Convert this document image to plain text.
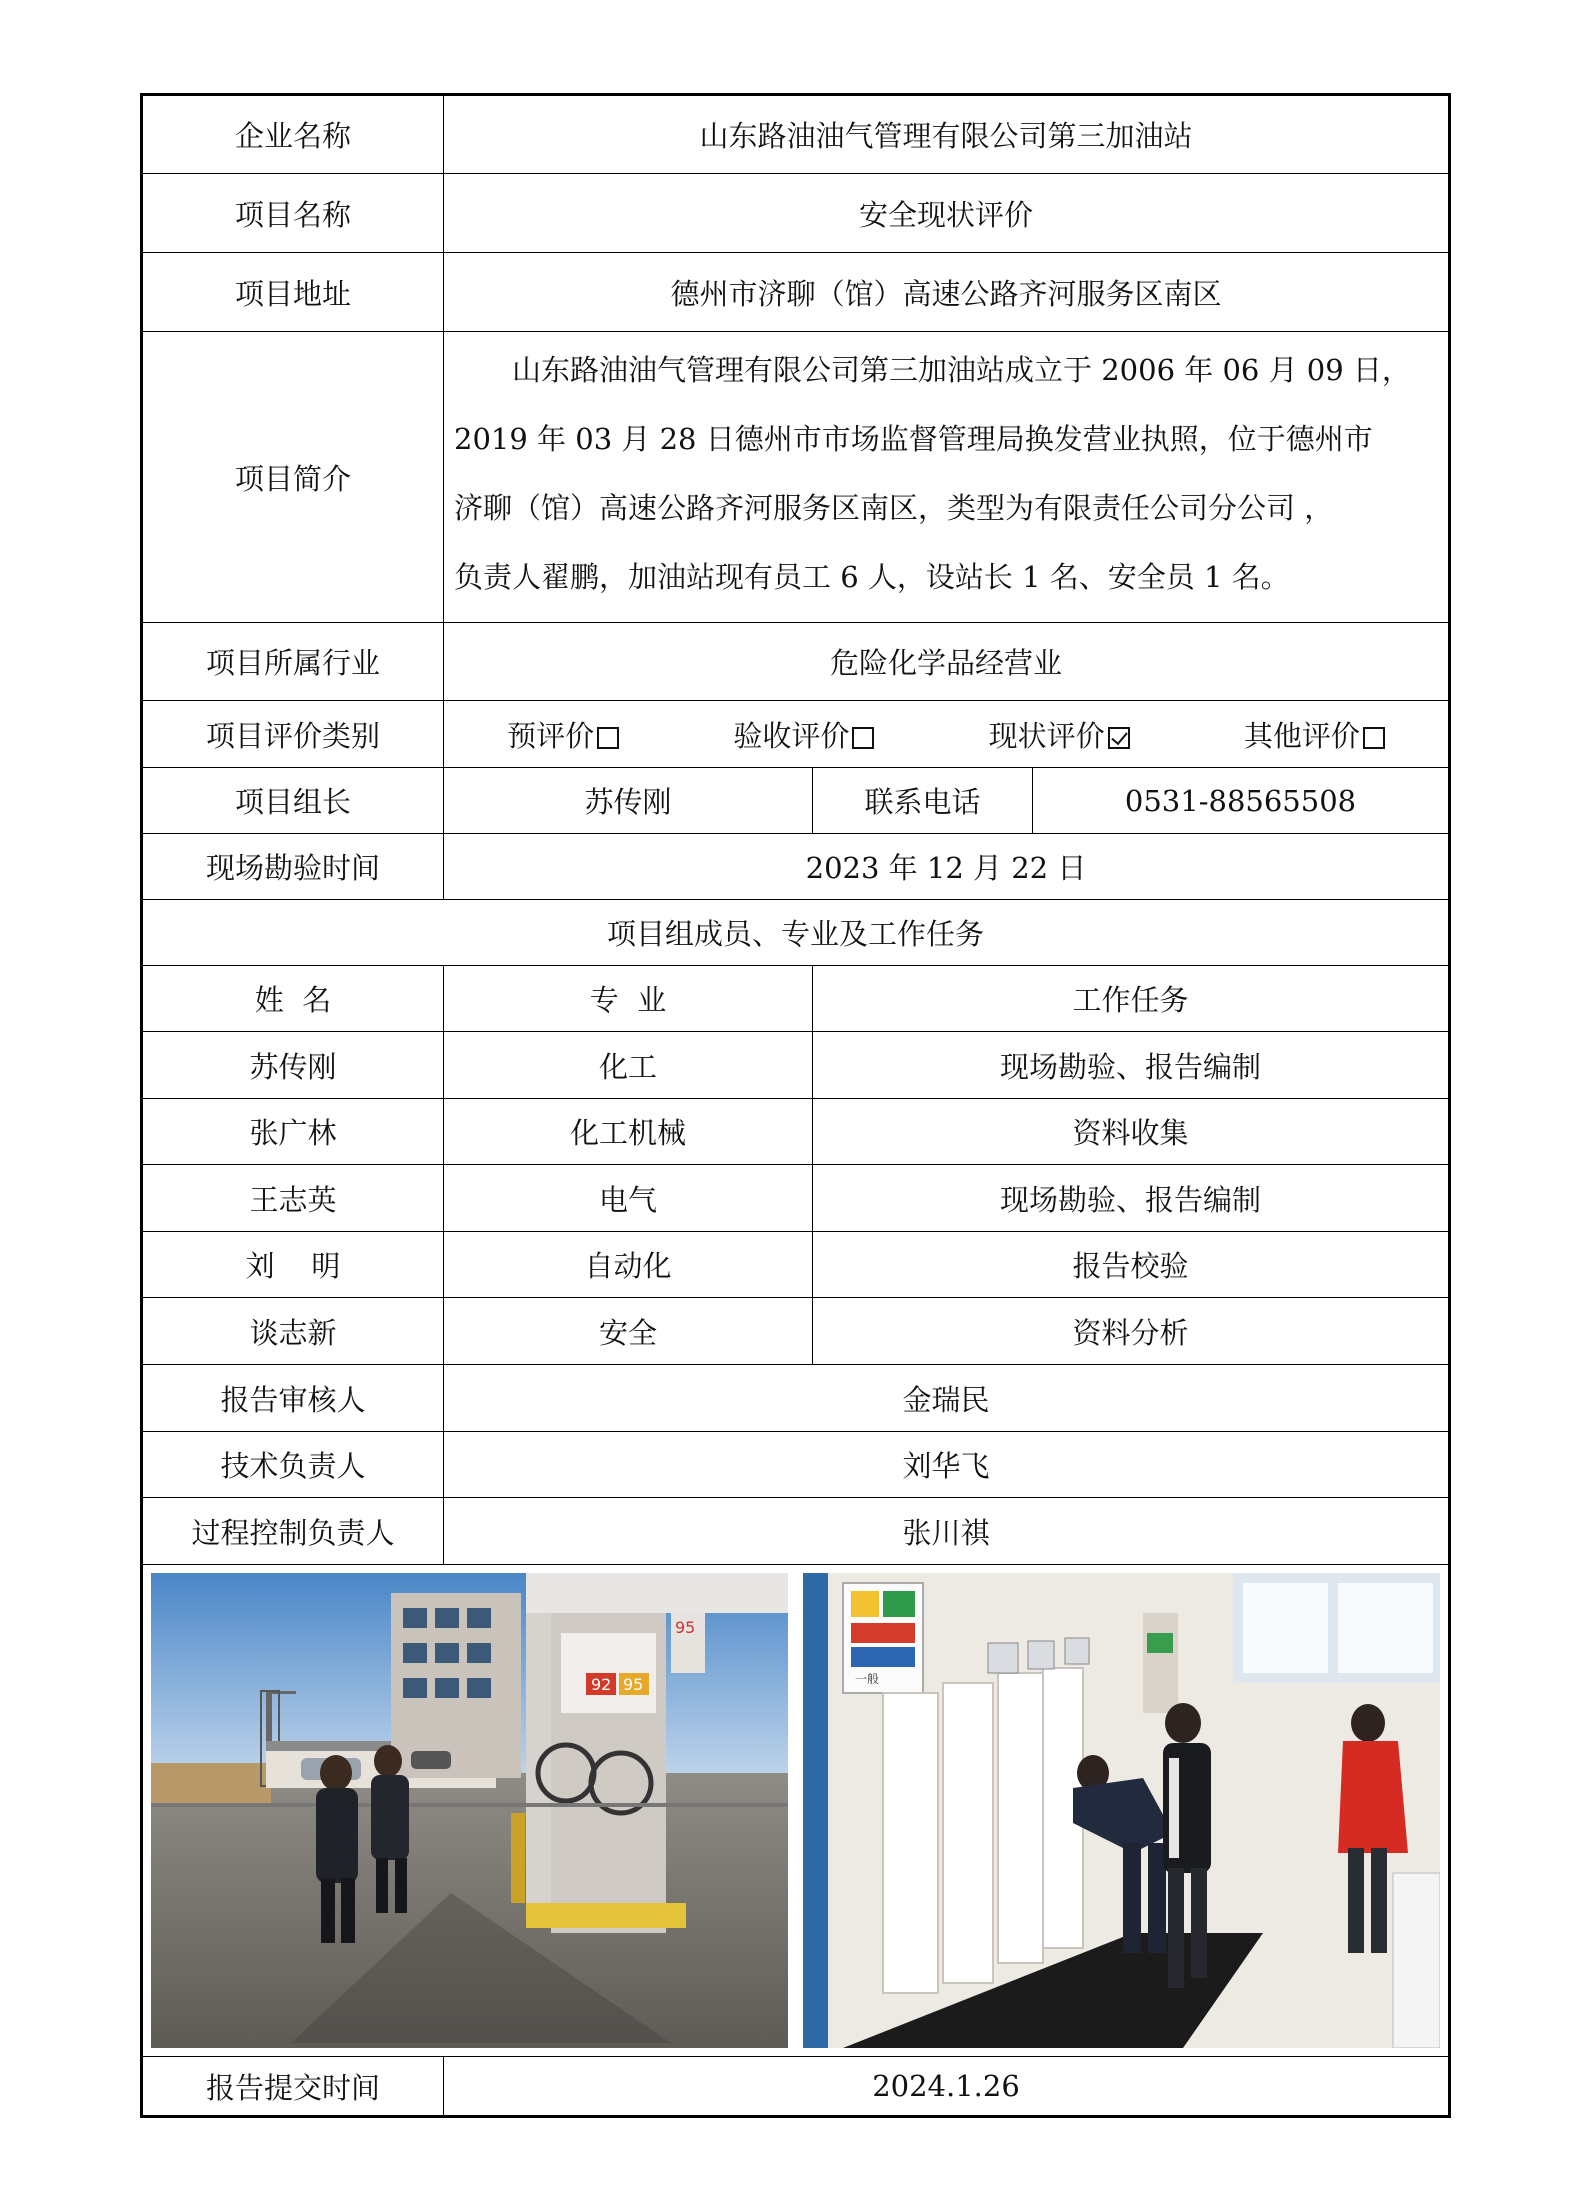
企业名称	山东路油油气管理有限公司第三加油站		
项目名称	安全现状评价		
项目地址	德州市济聊（馆）高速公路齐河服务区南区		
项目简介	山东路油油气管理有限公司第三加油站成立于 2006 年 06 月 09 日，
2019 年 03 月 28 日德州市市场监督管理局换发营业执照，位于德州市
济聊（馆）高速公路齐河服务区南区，类型为有限责任公司分公司 ，
负责人翟鹏，加油站现有员工 6 人，设站长 1 名、安全员 1 名。		

项目所属行业	危险化学品经营业		
项目评价类别	预评价 验收评价 现状评价 其他评价		

项目组长	苏传刚	联系电话	0531-88565508
现场勘验时间	2023 年 12 月 22 日		
项目组成员、专业及工作任务			
姓  名	专  业	工作任务	
苏传刚	化工	现场勘验、报告编制	
张广林	化工机械	资料收集	
王志英	电气	现场勘验、报告编制	
刘    明	自动化	报告校验	
谈志新	安全	资料分析	
报告审核人	金瑞民		
技术负责人	刘华飞		
过程控制负责人	张川祺		

92 95
95
一般			

报告提交时间	2024.1.26		
